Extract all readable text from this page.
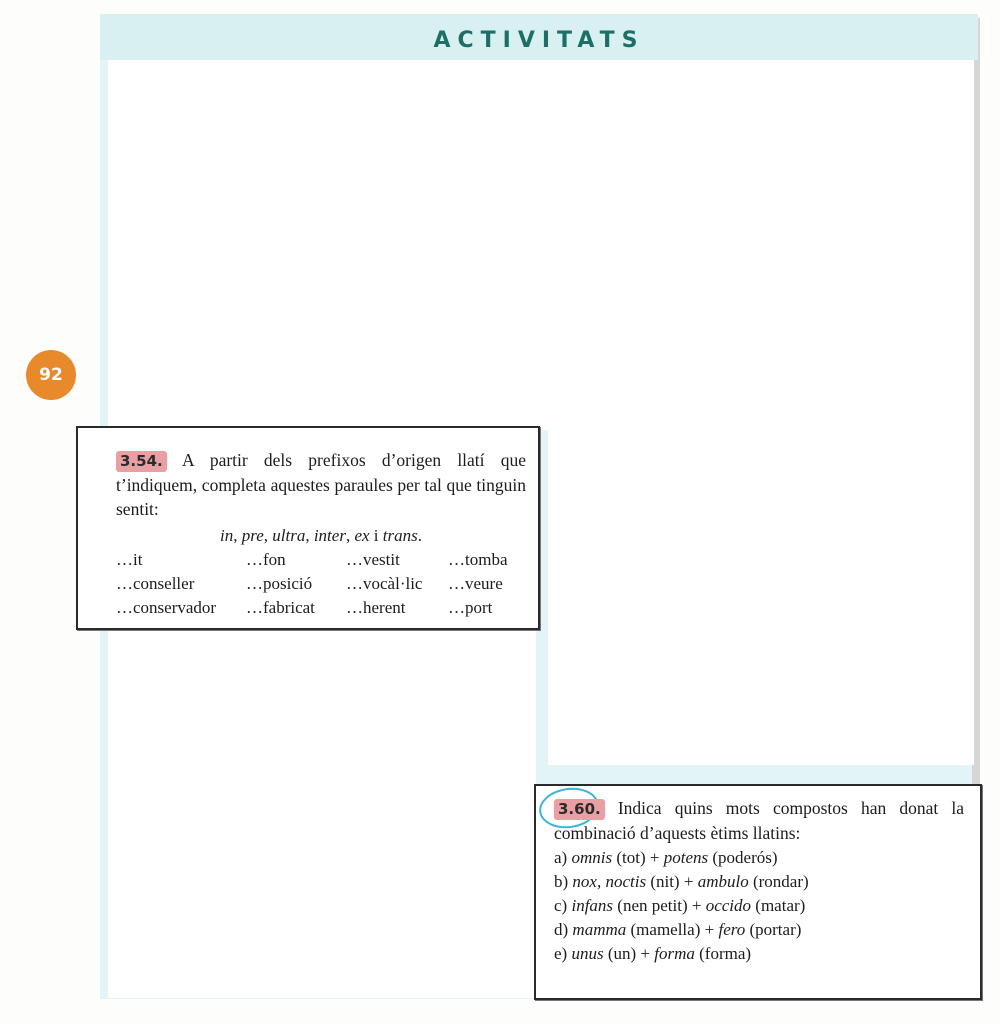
ACTIVITATS
92
3.54. A partir dels prefixos d’origen llatí que t’indiquem, completa aquestes paraules per tal que tinguin sentit:
in, pre, ultra, inter, ex i trans.
…it	…fon	…vestit	…tomba
…conseller	…posició	…vocàl·lic	…veure
…conservador	…fabricat	…herent	…port
3.60. Indica quins mots compostos han donat la combinació d’aquests ètims llatins:
a) omnis (tot) + potens (poderós)
b) nox, noctis (nit) + ambulo (rondar)
c) infans (nen petit) + occido (matar)
d) mamma (mamella) + fero (portar)
e) unus (un) + forma (forma)
